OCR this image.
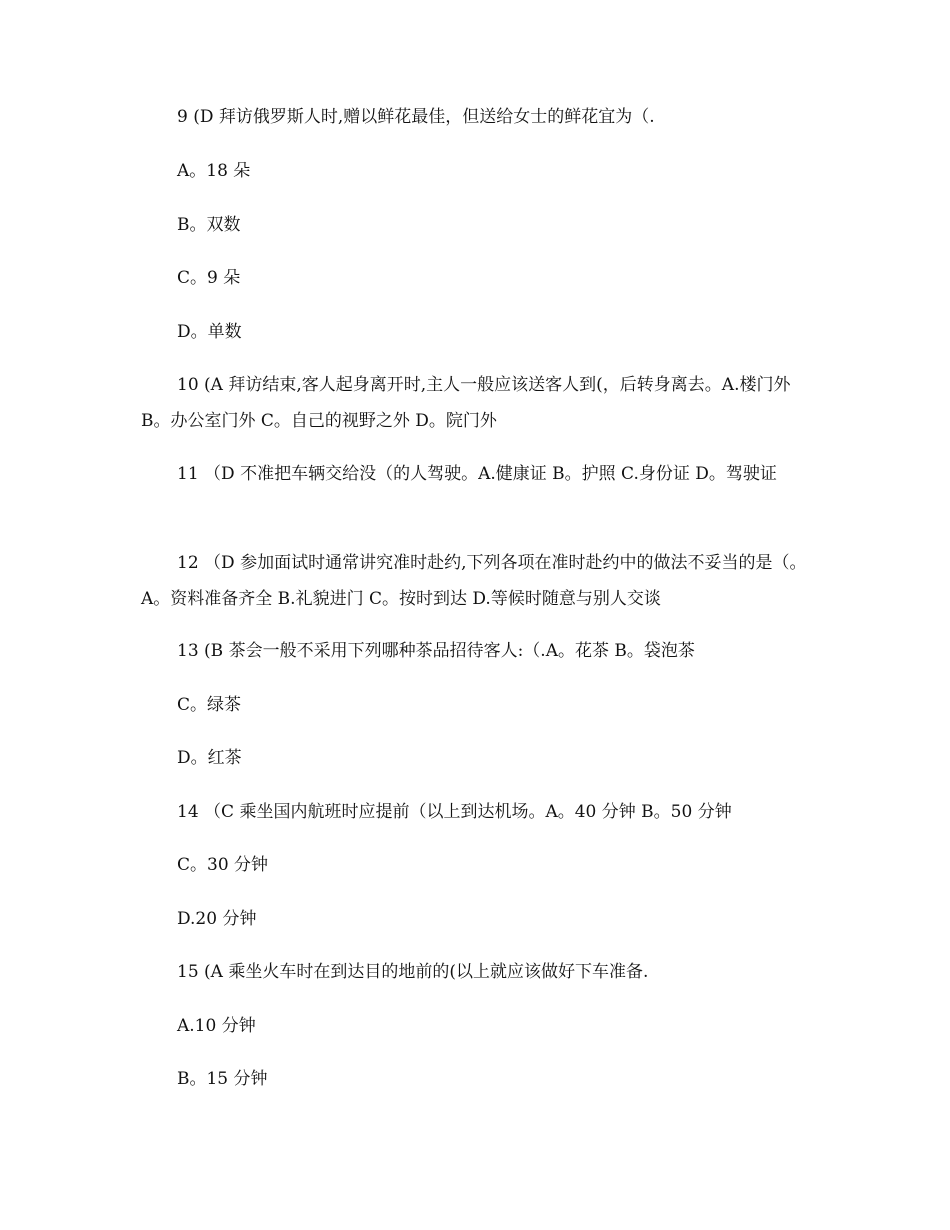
9 (D 拜访俄罗斯人时,赠以鲜花最佳，但送给女士的鲜花宜为（.

A。18 朵

B。双数

C。9 朵

D。单数

10 (A 拜访结束,客人起身离开时,主人一般应该送客人到(，后转身离去。A.楼门外 B。办公室门外 C。自己的视野之外 D。院门外

11 （D 不准把车辆交给没（的人驾驶。A.健康证 B。护照 C.身份证 D。驾驶证

12 （D 参加面试时通常讲究准时赴约,下列各项在准时赴约中的做法不妥当的是（。A。资料准备齐全 B.礼貌进门 C。按时到达 D.等候时随意与别人交谈

13 (B 茶会一般不采用下列哪种茶品招待客人:（.A。花茶 B。袋泡茶

C。绿茶

D。红茶

14 （C 乘坐国内航班时应提前（以上到达机场。A。40 分钟 B。50 分钟

C。30 分钟

D.20 分钟

15 (A 乘坐火车时在到达目的地前的(以上就应该做好下车准备.

A.10 分钟

B。15 分钟
